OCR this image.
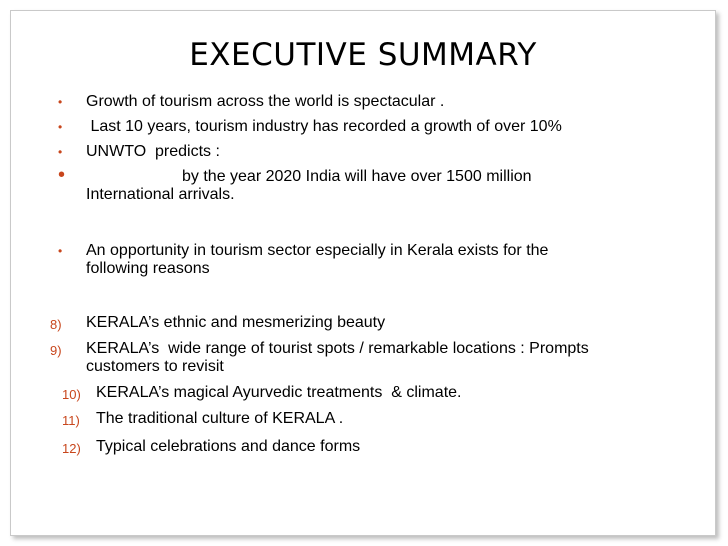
EXECUTIVE SUMMARY
• Growth of tourism across the world is spectacular .
• Last 10 years, tourism industry has recorded a growth of over 10%
• UNWTO  predicts :
•	by the year 2020 India will have over 1500 million
International arrivals.
• An opportunity in tourism sector especially in Kerala exists for the
following reasons
8) KERALA’s ethnic and mesmerizing beauty
9) KERALA’s  wide range of tourist spots / remarkable locations : Prompts
customers to revisit
10) KERALA’s magical Ayurvedic treatments  & climate.
11) The traditional culture of KERALA .
12) Typical celebrations and dance forms
